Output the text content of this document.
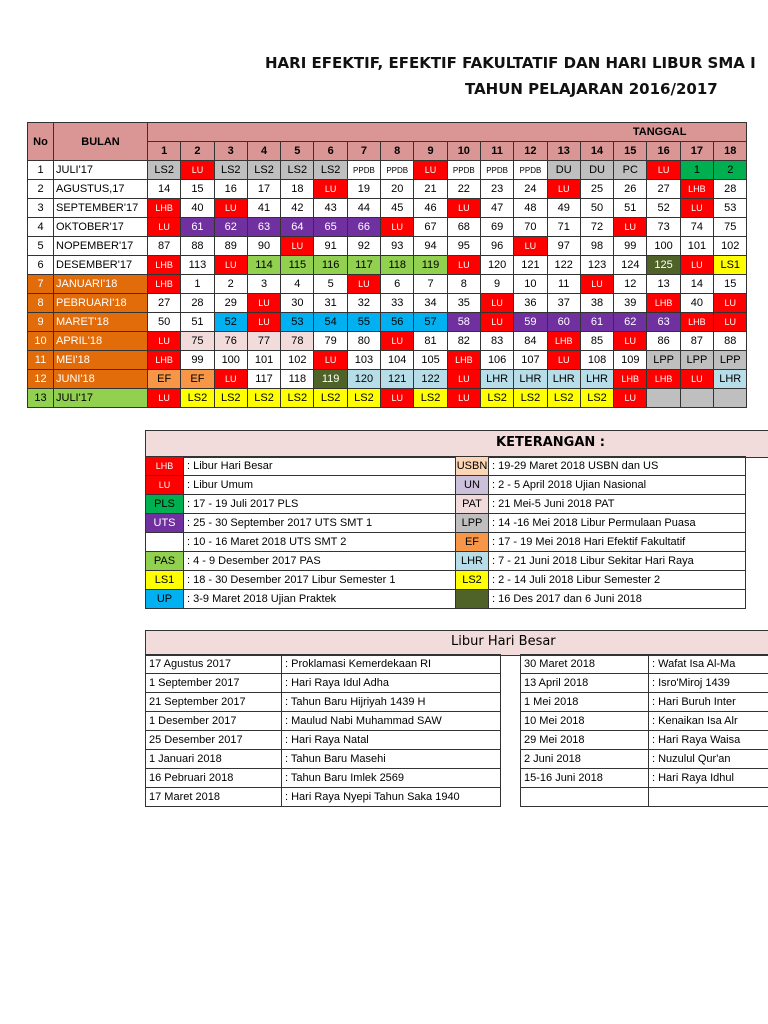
HARI EFEKTIF, EFEKTIF FAKULTATIF DAN HARI LIBUR SMA I
TAHUN PELAJARAN 2016/2017
No	BULAN	TANGGAL																	
		1	2	3	4	5	6	7	8	9	10	11	12	13	14	15	16	17	18
1	JULI'17	LS2	LU	LS2	LS2	LS2	LS2	PPDB	PPDB	LU	PPDB	PPDB	PPDB	DU	DU	PC	LU	1	2
2	AGUSTUS,17	14	15	16	17	18	LU	19	20	21	22	23	24	LU	25	26	27	LHB	28
3	SEPTEMBER'17	LHB	40	LU	41	42	43	44	45	46	LU	47	48	49	50	51	52	LU	53
4	OKTOBER'17	LU	61	62	63	64	65	66	LU	67	68	69	70	71	72	LU	73	74	75
5	NOPEMBER'17	87	88	89	90	LU	91	92	93	94	95	96	LU	97	98	99	100	101	102
6	DESEMBER'17	LHB	113	LU	114	115	116	117	118	119	LU	120	121	122	123	124	125	LU	LS1
7	JANUARI'18	LHB	1	2	3	4	5	LU	6	7	8	9	10	11	LU	12	13	14	15
8	PEBRUARI'18	27	28	29	LU	30	31	32	33	34	35	LU	36	37	38	39	LHB	40	LU
9	MARET'18	50	51	52	LU	53	54	55	56	57	58	LU	59	60	61	62	63	LHB	LU
10	APRIL'18	LU	75	76	77	78	79	80	LU	81	82	83	84	LHB	85	LU	86	87	88
11	MEI'18	LHB	99	100	101	102	LU	103	104	105	LHB	106	107	LU	108	109	LPP	LPP	LPP
12	JUNI'18	EF	EF	LU	117	118	119	120	121	122	LU	LHR	LHR	LHR	LHR	LHB	LHB	LU	LHR
13	JULI'17	LU	LS2	LS2	LS2	LS2	LS2	LS2	LU	LS2	LU	LS2	LS2	LS2	LS2	LU			
KETERANGAN :
LHB	: Libur Hari Besar	USBN	: 19-29 Maret 2018 USBN dan US
LU	: Libur Umum	UN	: 2 - 5 April 2018 Ujian Nasional
PLS	: 17 - 19 Juli 2017 PLS	PAT	: 21 Mei-5 Juni 2018 PAT
UTS	: 25 - 30 September 2017 UTS SMT 1	LPP	: 14 -16 Mei 2018 Libur Permulaan Puasa
	: 10 - 16 Maret 2018 UTS SMT 2	EF	: 17 - 19 Mei 2018 Hari Efektif Fakultatif
PAS	: 4 - 9 Desember 2017 PAS	LHR	: 7 - 21 Juni 2018 Libur Sekitar Hari Raya
LS1	: 18 - 30 Desember 2017 Libur Semester 1	LS2	: 2 - 14 Juli 2018 Libur Semester 2
UP	: 3-9 Maret 2018 Ujian Praktek		: 16 Des 2017 dan 6 Juni 2018
Libur Hari Besar
17 Agustus 2017	: Proklamasi Kemerdekaan RI
1 September 2017	: Hari Raya Idul Adha
21 September 2017	: Tahun Baru Hijriyah 1439 H
1 Desember 2017	: Maulud Nabi Muhammad SAW
25 Desember 2017	: Hari Raya Natal
1 Januari 2018	: Tahun Baru Masehi
16 Pebruari 2018	: Tahun Baru Imlek 2569
17 Maret 2018	: Hari Raya Nyepi Tahun Saka 1940
30 Maret 2018	: Wafat Isa Al-Ma
13 April 2018	: Isro'Miroj 1439
1 Mei 2018	: Hari Buruh Inter
10 Mei 2018	: Kenaikan Isa Alr
29 Mei 2018	: Hari Raya Waisa
2 Juni 2018	: Nuzulul Qur'an
15-16 Juni 2018	: Hari Raya Idhul
